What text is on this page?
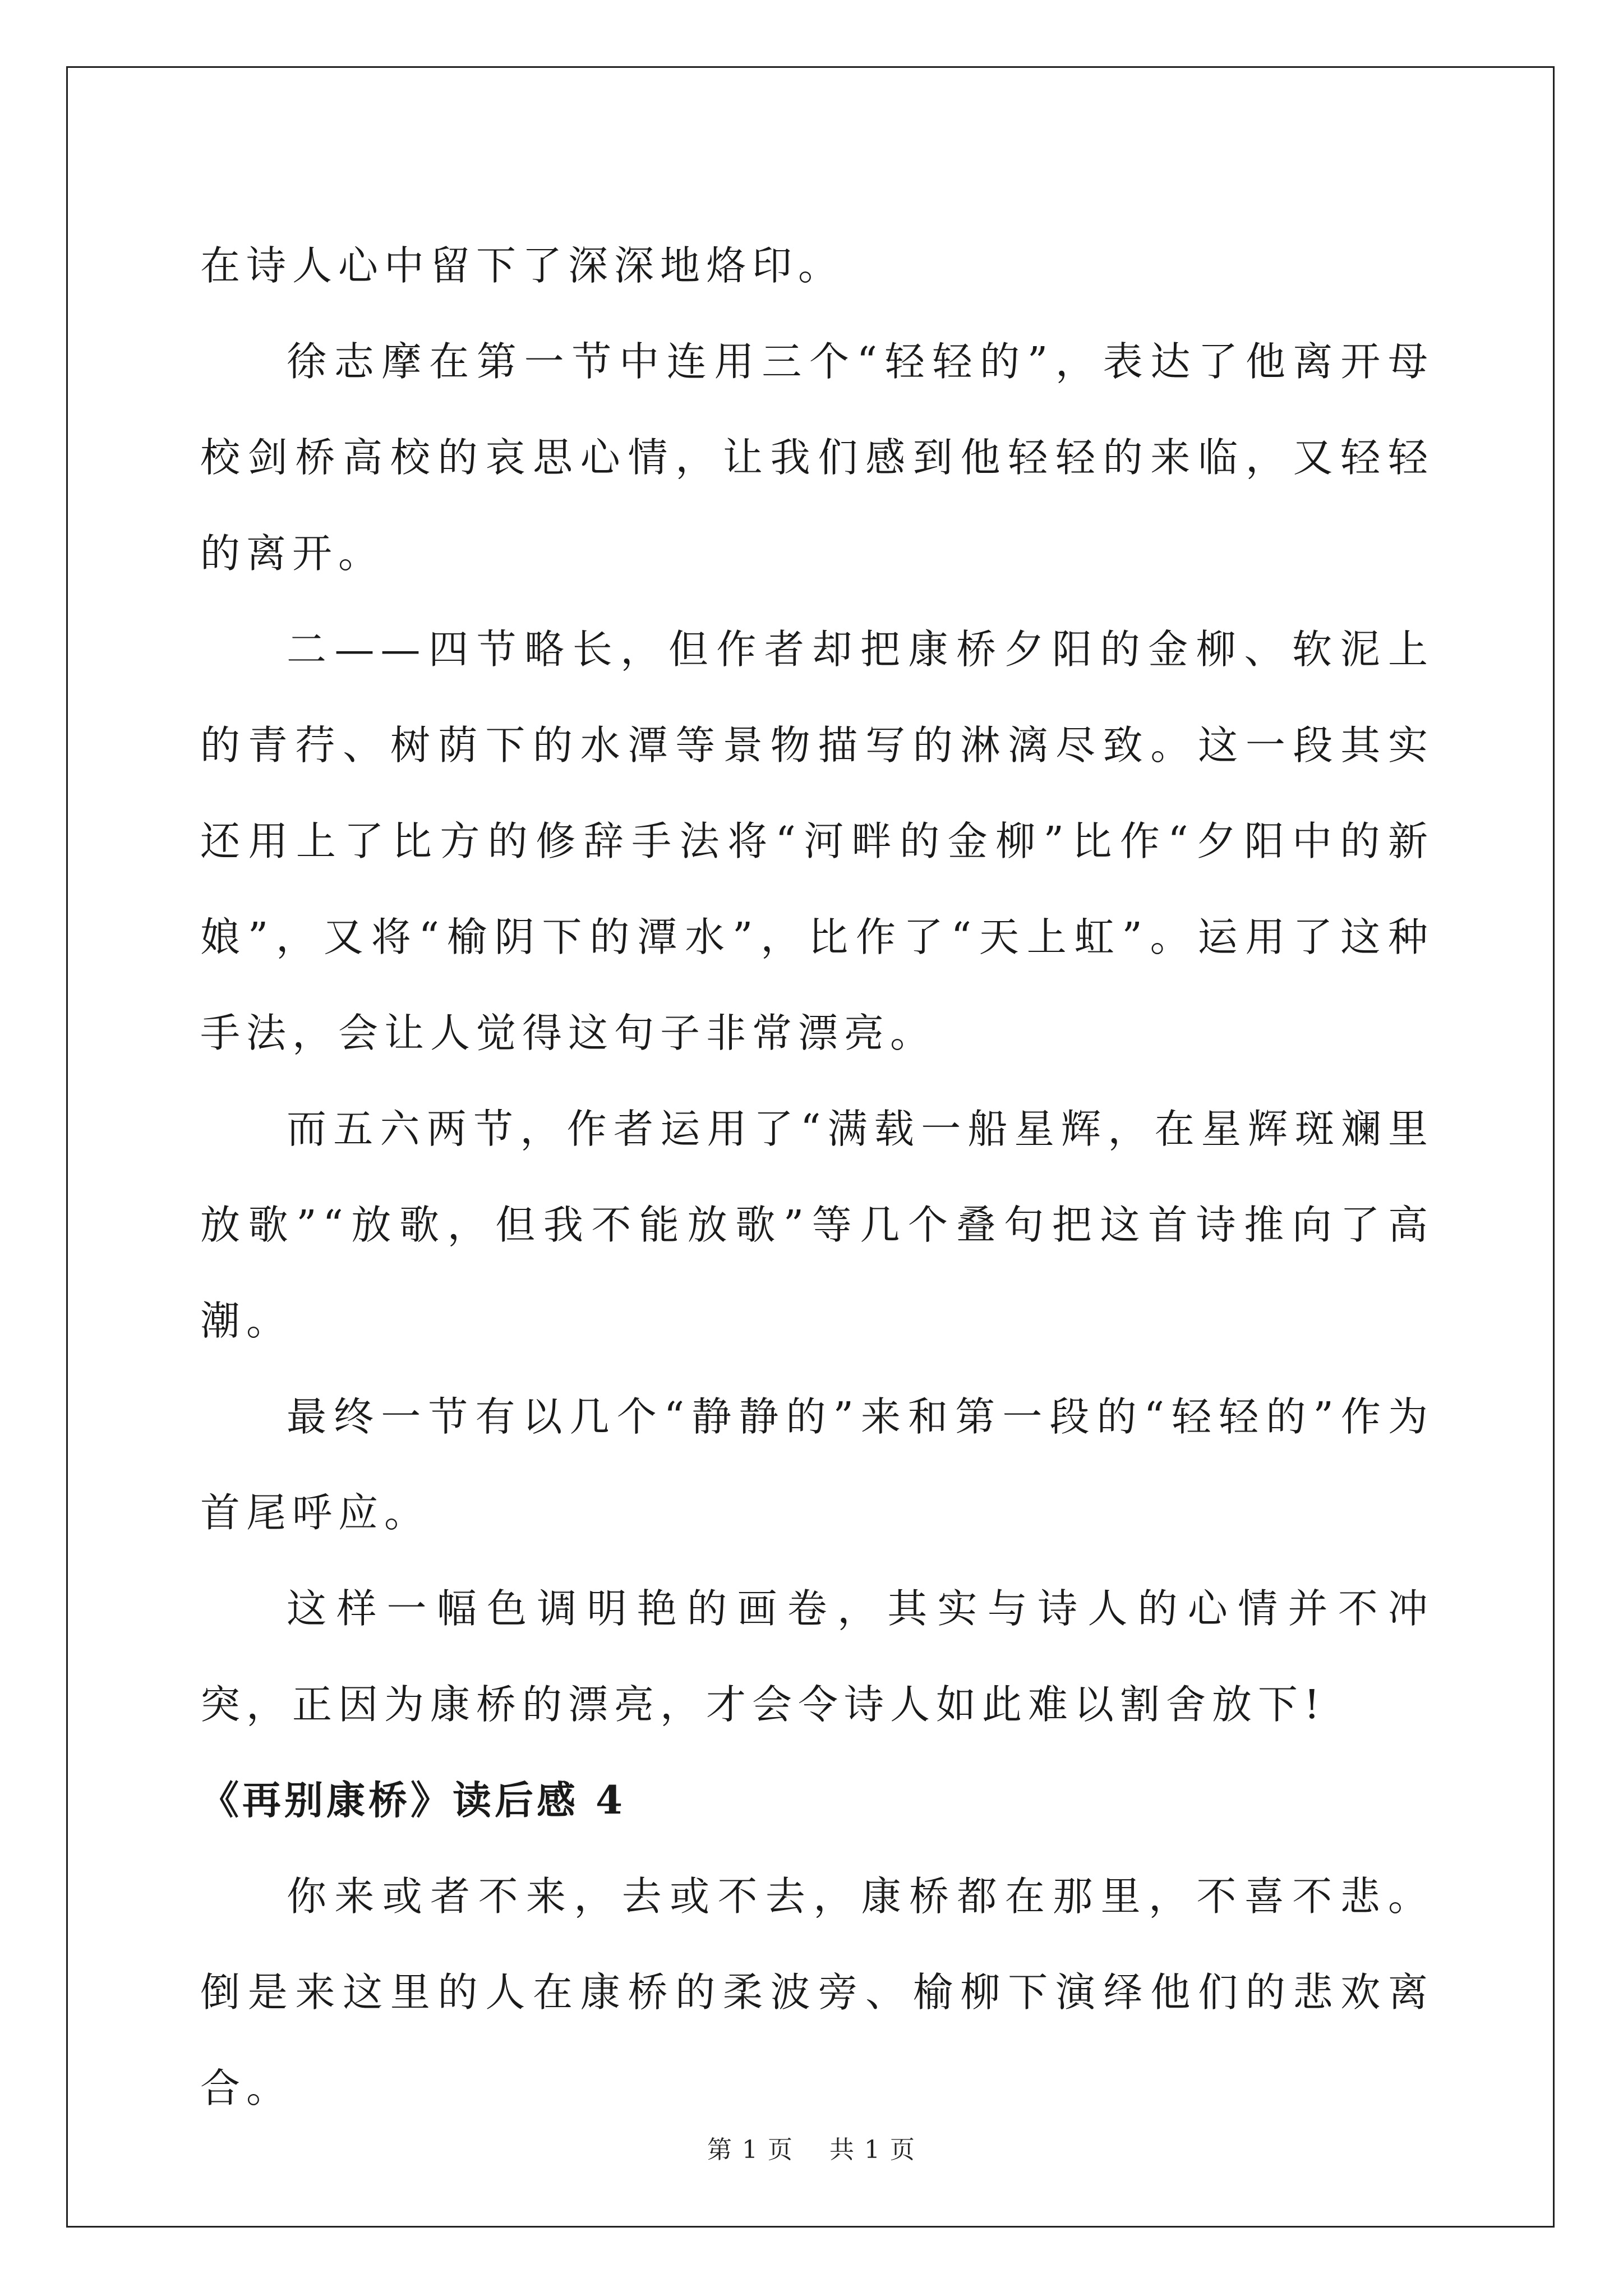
在诗人心中留下了深深地烙印。

徐志摩在第一节中连用三个“轻轻的”，表达了他离开母校剑桥高校的哀思心情，让我们感到他轻轻的来临，又轻轻的离开。

二——四节略长，但作者却把康桥夕阳的金柳、软泥上的青荇、树荫下的水潭等景物描写的淋漓尽致。这一段其实还用上了比方的修辞手法将“河畔的金柳”比作“夕阳中的新娘”，又将“榆阴下的潭水”，比作了“天上虹”。运用了这种手法，会让人觉得这句子非常漂亮。

而五六两节，作者运用了“满载一船星辉，在星辉斑斓里放歌”“放歌，但我不能放歌”等几个叠句把这首诗推向了高潮。

最终一节有以几个“静静的”来和第一段的“轻轻的”作为首尾呼应。

这样一幅色调明艳的画卷，其实与诗人的心情并不冲突，正因为康桥的漂亮，才会令诗人如此难以割舍放下!

《再别康桥》读后感 4

你来或者不来，去或不去，康桥都在那里，不喜不悲。倒是来这里的人在康桥的柔波旁、榆柳下演绎他们的悲欢离合。

第 1 页    共 1 页
